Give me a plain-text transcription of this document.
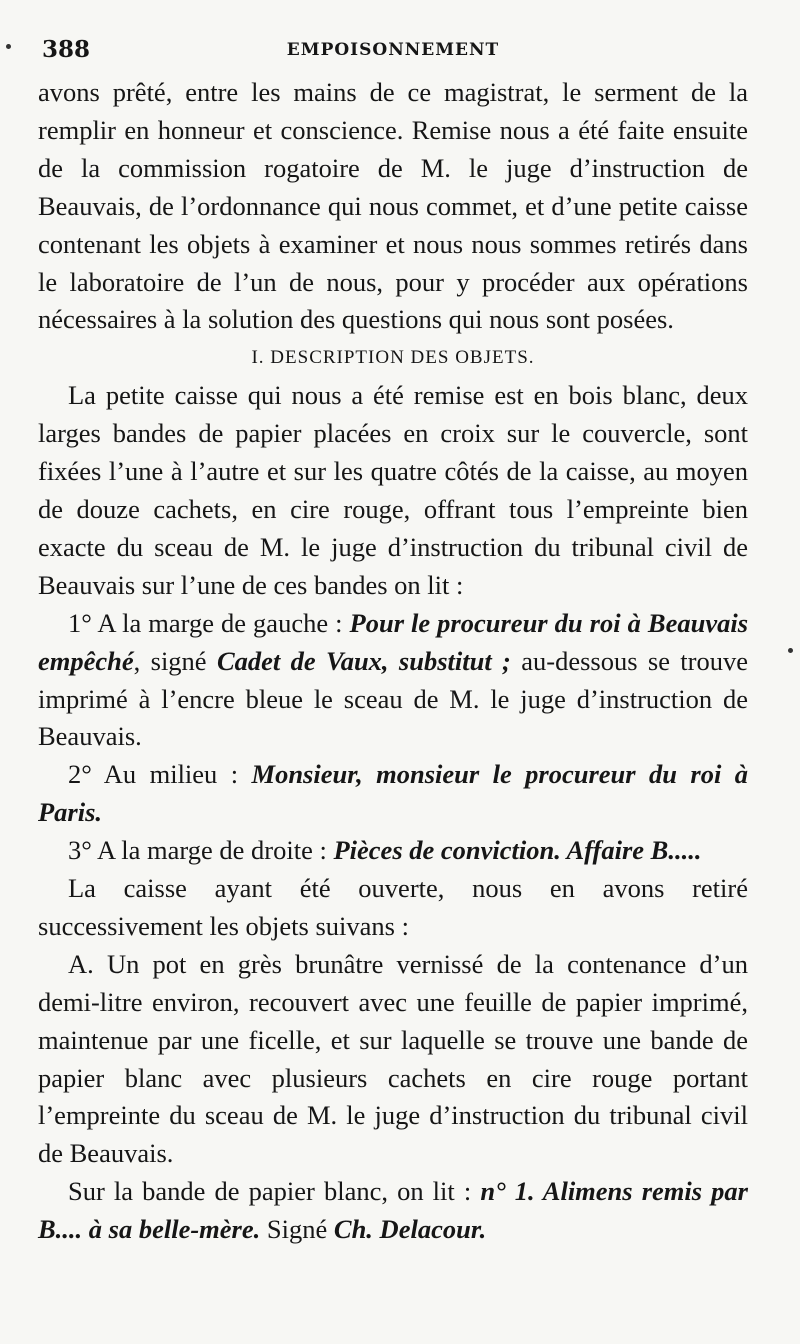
388	EMPOISONNEMENT

avons prêté, entre les mains de ce magistrat, le serment de la remplir en honneur et conscience. Remise nous a été faite ensuite de la commission rogatoire de M. le juge d’instruction de Beauvais, de l’ordonnance qui nous commet, et d’une petite caisse contenant les objets à examiner et nous nous sommes retirés dans le laboratoire de l’un de nous, pour y procéder aux opérations nécessaires à la solution des questions qui nous sont posées.

I. DESCRIPTION DES OBJETS.

La petite caisse qui nous a été remise est en bois blanc, deux larges bandes de papier placées en croix sur le couvercle, sont fixées l’une à l’autre et sur les quatre côtés de la caisse, au moyen de douze cachets, en cire rouge, offrant tous l’empreinte bien exacte du sceau de M. le juge d’instruction du tribunal civil de Beauvais sur l’une de ces bandes on lit :

1° A la marge de gauche : Pour le procureur du roi à Beauvais empêché, signé Cadet de Vaux, substitut ; au-dessous se trouve imprimé à l’encre bleue le sceau de M. le juge d’instruction de Beauvais.

2° Au milieu : Monsieur, monsieur le procureur du roi à Paris.

3° A la marge de droite : Pièces de conviction. Affaire B.....

La caisse ayant été ouverte, nous en avons retiré successivement les objets suivans :

A. Un pot en grès brunâtre vernissé de la contenance d’un demi-litre environ, recouvert avec une feuille de papier imprimé, maintenue par une ficelle, et sur laquelle se trouve une bande de papier blanc avec plusieurs cachets en cire rouge portant l’empreinte du sceau de M. le juge d’instruction du tribunal civil de Beauvais.

Sur la bande de papier blanc, on lit : n° 1. Alimens remis par B.... à sa belle-mère. Signé Ch. Delacour.
